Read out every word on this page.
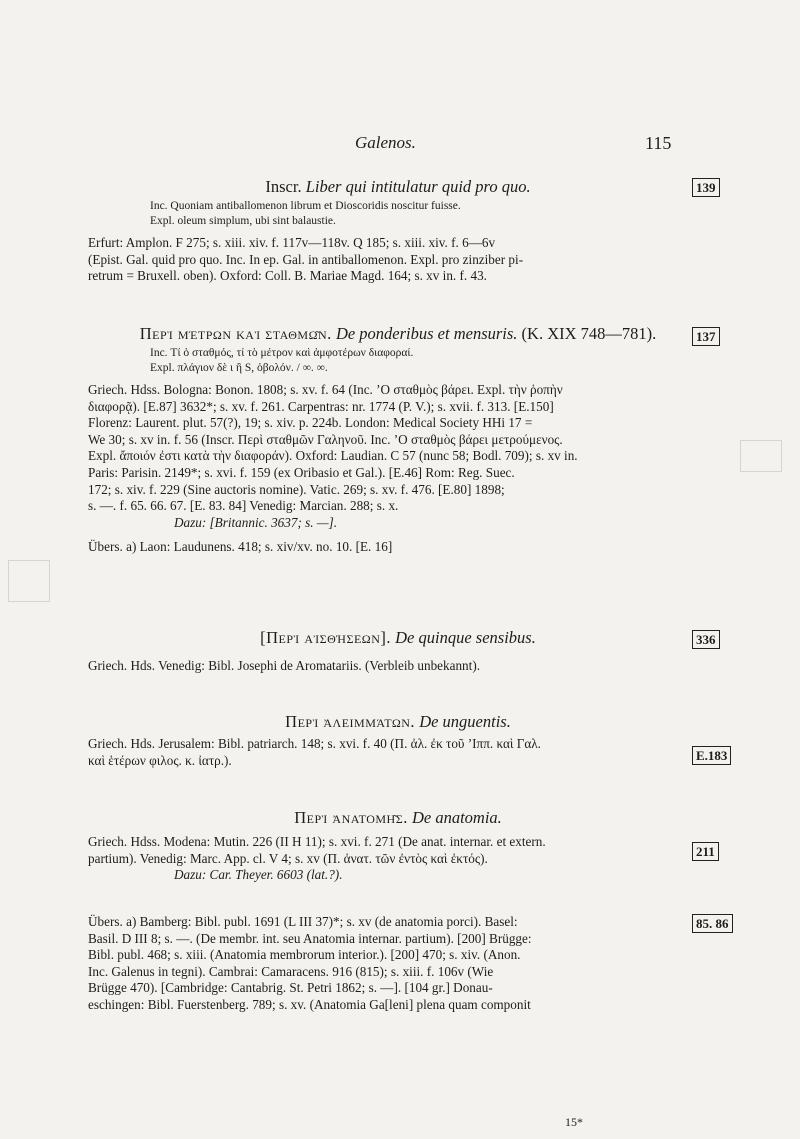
Galenos.	115

Inscr. Liber qui intitulatur quid pro quo.

Inc. Quoniam antiballomenon librum et Dioscoridis noscitur fuisse.

Expl. oleum simplum, ubi sint balaustie.

Erfurt: Amplon. F 275; s. xiii. xiv. f. 117v—118v. Q 185; s. xiii. xiv. f. 6—6v

(Epist. Gal. quid pro quo. Inc. In ep. Gal. in antiballomenon. Expl. pro zinziber pi-

retrum = Bruxell. oben). Oxford: Coll. B. Mariae Magd. 164; s. xv in. f. 43.

139

Περὶ μέτρων καὶ σταθμῶν. De ponderibus et mensuris. (K. XIX 748—781).

Inc. Τί ὁ σταθμός, τί τὸ μέτρον καὶ ἀμφοτέρων διαφοραί.

Expl. πλάγιον δὲ ι ἢ S, ὀβολόν. / ∞. ∞.

Griech. Hdss. Bologna: Bonon. 1808; s. xv. f. 64 (Inc. ʼΟ σταθμὸς βάρει. Expl. τὴν ῥοπὴν

διαφορᾷ). [E.87] 3632*; s. xv. f. 261. Carpentras: nr. 1774 (P. V.); s. xvii. f. 313. [E.150]

Florenz: Laurent. plut. 57(?), 19; s. xiv. p. 224b. London: Medical Society HHi 17 =

We 30; s. xv in. f. 56 (Inscr. Περὶ σταθμῶν Γαληνοῦ. Inc. ʼΟ σταθμὸς βάρει μετρούμενος.

Expl. ἄποιόν ἐστι κατὰ τὴν διαφοράν). Oxford: Laudian. C 57 (nunc 58; Bodl. 709); s. xv in.

Paris: Parisin. 2149*; s. xvi. f. 159 (ex Oribasio et Gal.). [E.46] Rom: Reg. Suec.

172; s. xiv. f. 229 (Sine auctoris nomine). Vatic. 269; s. xv. f. 476. [E.80] 1898;

s. —. f. 65. 66. 67. [E. 83. 84] Venedig: Marcian. 288; s. x.

Dazu: [Britannic. 3637; s. —].

Übers. a) Laon: Laudunens. 418; s. xiv/xv. no. 10. [E. 16]

137

[Περὶ αἰσθήσεων]. De quinque sensibus.

Griech. Hds. Venedig: Bibl. Josephi de Aromatariis. (Verbleib unbekannt).

336

Περὶ ἀλειμμάτων. De unguentis.

Griech. Hds. Jerusalem: Bibl. patriarch. 148; s. xvi. f. 40 (Π. ἀλ. ἐκ τοῦ ʼΙππ. καὶ Γαλ.

καὶ ἑτέρων φιλος. κ. ἰατρ.).	E.183

Περὶ ἀνατομῆς. De anatomia.

Griech. Hdss. Modena: Mutin. 226 (II H 11); s. xvi. f. 271 (De anat. internar. et extern.

partium). Venedig: Marc. App. cl. V 4; s. xv (Π. ἀνατ. τῶν ἐντὸς καὶ ἐκτός).

Dazu: Car. Theyer. 6603 (lat.?).

211

Übers. a) Bamberg: Bibl. publ. 1691 (L III 37)*; s. xv (de anatomia porci). Basel:

Basil. D III 8; s. —. (De membr. int. seu Anatomia internar. partium). [200] Brügge:

Bibl. publ. 468; s. xiii. (Anatomia membrorum interior.). [200] 470; s. xiv. (Anon.

Inc. Galenus in tegni). Cambrai: Camaracens. 916 (815); s. xiii. f. 106v (Wie

Brügge 470). [Cambridge: Cantabrig. St. Petri 1862; s. —]. [104 gr.] Donau-

eschingen: Bibl. Fuerstenberg. 789; s. xv. (Anatomia Ga[leni] plena quam componit

85. 86
15*
